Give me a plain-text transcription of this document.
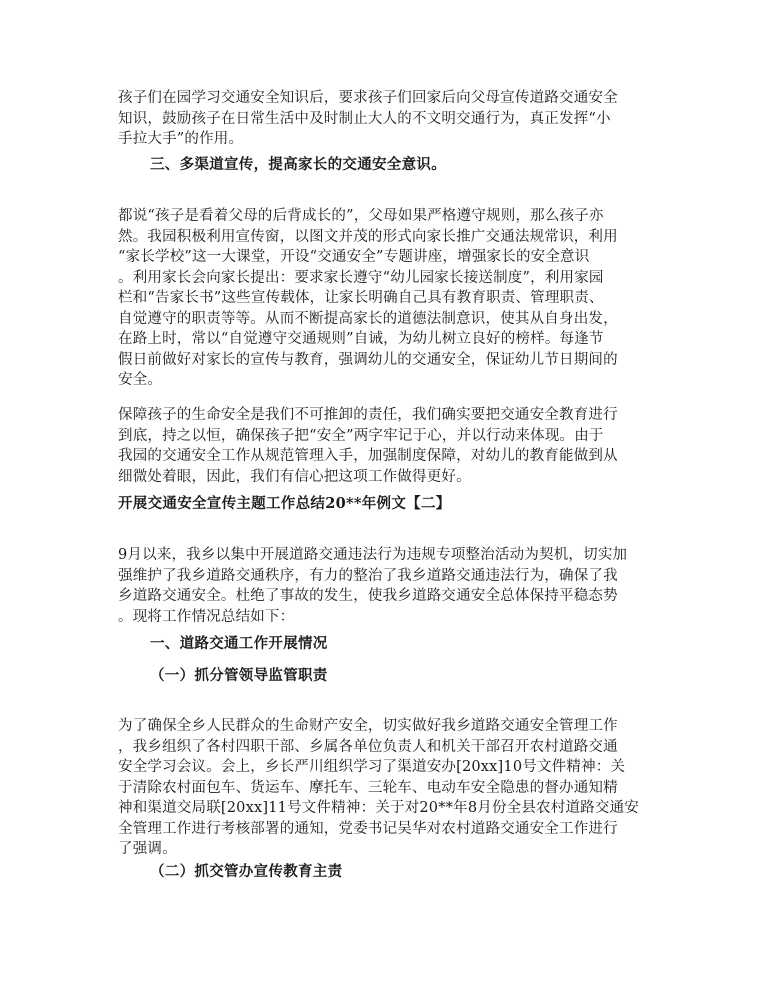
孩子们在园学习交通安全知识后，要求孩子们回家后向父母宣传道路交通安全
知识，鼓励孩子在日常生活中及时制止大人的不文明交通行为，真正发挥“小
手拉大手”的作用。
三、多渠道宣传，提高家长的交通安全意识。
都说“孩子是看着父母的后背成长的”，父母如果严格遵守规则，那么孩子亦
然。我园积极利用宣传窗，以图文并茂的形式向家长推广交通法规常识，利用
“家长学校”这一大课堂，开设“交通安全”专题讲座，增强家长的安全意识
。利用家长会向家长提出：要求家长遵守“幼儿园家长接送制度”，利用家园
栏和“告家长书”这些宣传载体，让家长明确自己具有教育职责、管理职责、
自觉遵守的职责等等。从而不断提高家长的道德法制意识，使其从自身出发，
在路上时，常以“自觉遵守交通规则”自诫，为幼儿树立良好的榜样。每逢节
假日前做好对家长的宣传与教育，强调幼儿的交通安全，保证幼儿节日期间的
安全。
保障孩子的生命安全是我们不可推卸的责任，我们确实要把交通安全教育进行
到底，持之以恒，确保孩子把“安全”两字牢记于心，并以行动来体现。由于
我园的交通安全工作从规范管理入手，加强制度保障，对幼儿的教育能做到从
细微处着眼，因此，我们有信心把这项工作做得更好。
开展交通安全宣传主题工作总结20**年例文【二】
9月以来，我乡以集中开展道路交通违法行为违规专项整治活动为契机，切实加
强维护了我乡道路交通秩序，有力的整治了我乡道路交通违法行为，确保了我
乡道路交通安全。杜绝了事故的发生，使我乡道路交通安全总体保持平稳态势
。现将工作情况总结如下：
一、道路交通工作开展情况
（一）抓分管领导监管职责
为了确保全乡人民群众的生命财产安全，切实做好我乡道路交通安全管理工作
，我乡组织了各村四职干部、乡属各单位负责人和机关干部召开农村道路交通
安全学习会议。会上，乡长严川组织学习了渠道安办[20xx]10号文件精神：关
于清除农村面包车、货运车、摩托车、三轮车、电动车安全隐患的督办通知精
神和渠道交局联[20xx]11号文件精神：关于对20**年8月份全县农村道路交通安
全管理工作进行考核部署的通知，党委书记吴华对农村道路交通安全工作进行
了强调。
（二）抓交管办宣传教育主责
